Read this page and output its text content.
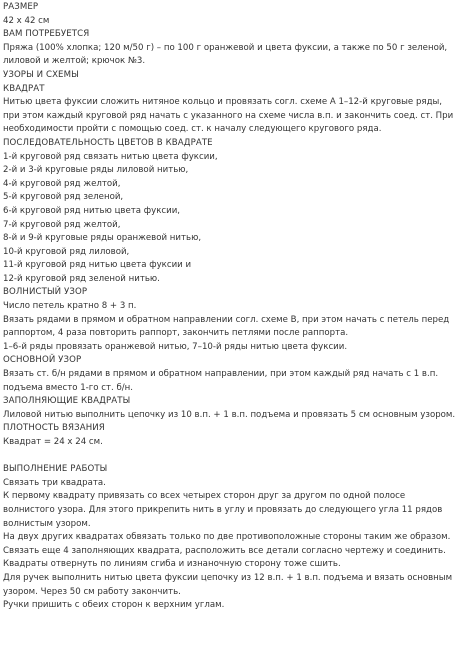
РАЗМЕР

42 х 42 см

ВАМ ПОТРЕБУЕТСЯ

Пряжа (100% хлопка; 120 м/50 г) – по 100 г оранжевой и цвета фуксии, а также по 50 г зеленой, лиловой и желтой; крючок №3.

УЗОРЫ И СХЕМЫ

КВАДРАТ

Нитью цвета фуксии сложить нитяное кольцо и провязать согл. схеме А 1–12-й круговые ряды, при этом каждый круговой ряд начать с указанного на схеме числа в.п. и закончить соед. ст. При необходимости пройти с помощью соед. ст. к началу следующего кругового ряда.

ПОСЛЕДОВАТЕЛЬНОСТЬ ЦВЕТОВ В КВАДРАТЕ

1-й круговой ряд связать нитью цвета фуксии,

2-й и 3-й круговые ряды лиловой нитью,

4-й круговой ряд желтой,

5-й круговой ряд зеленой,

6-й круговой ряд нитью цвета фуксии,

7-й круговой ряд желтой,

8-й и 9-й круговые ряды оранжевой нитью,

10-й круговой ряд лиловой,

11-й круговой ряд нитью цвета фуксии и

12-й круговой ряд зеленой нитью.

ВОЛНИСТЫЙ УЗОР

Число петель кратно 8 + 3 п.

Вязать рядами в прямом и обратном направлении согл. схеме В, при этом начать с петель перед раппортом, 4 раза повторить раппорт, закончить петлями после раппорта.

1–6-й ряды провязать оранжевой нитью, 7–10-й ряды нитью цвета фуксии.

ОСНОВНОЙ УЗОР

Вязать ст. б/н рядами в прямом и обратном направлении, при этом каждый ряд начать с 1 в.п. подъема вместо 1-го ст. б/н.

ЗАПОЛНЯЮЩИЕ КВАДРАТЫ

Лиловой нитью выполнить цепочку из 10 в.п. + 1 в.п. подъема и провязать 5 см основным узором.

ПЛОТНОСТЬ ВЯЗАНИЯ

Квадрат = 24 х 24 см.

ВЫПОЛНЕНИЕ РАБОТЫ

Связать три квадрата.

К первому квадрату привязать со всех четырех сторон друг за другом по одной полосе волнистого узора. Для этого прикрепить нить в углу и провязать до следующего угла 11 рядов волнистым узором.

На двух других квадратах обвязать только по две противоположные стороны таким же образом.

Связать еще 4 заполняющих квадрата, расположить все детали согласно чертежу и соединить.

Квадраты отвернуть по линиям сгиба и изнаночную сторону тоже сшить.

Для ручек выполнить нитью цвета фуксии цепочку из 12 в.п. + 1 в.п. подъема и вязать основным узором. Через 50 см работу закончить.

Ручки пришить с обеих сторон к верхним углам.
